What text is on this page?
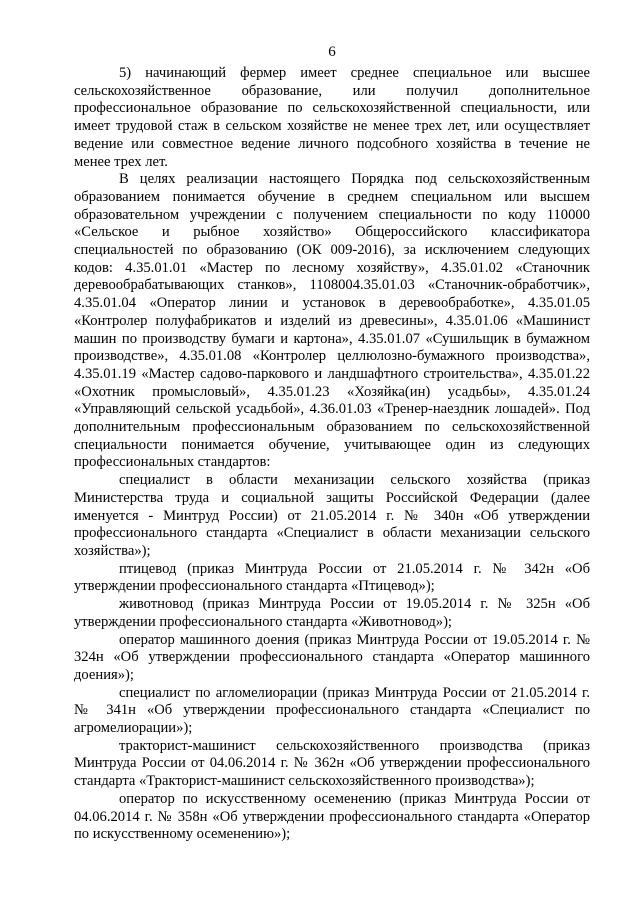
6

5) начинающий фермер имеет среднее специальное или высшее сельскохозяйственное образование, или получил дополнительное профессиональное образование по сельскохозяйственной специальности, или имеет трудовой стаж в сельском хозяйстве не менее трех лет, или осуществляет ведение или совместное ведение личного подсобного хозяйства в течение не менее трех лет.

В целях реализации настоящего Порядка под сельскохозяйственным образованием понимается обучение в среднем специальном или высшем образовательном учреждении с получением специальности по коду 110000 «Сельское и рыбное хозяйство» Общероссийского классификатора специальностей по образованию (ОК 009-2016), за исключением следующих кодов: 4.35.01.01 «Мастер по лесному хозяйству», 4.35.01.02 «Станочник деревообрабатывающих станков», 1108004.35.01.03 «Станочник-обработчик», 4.35.01.04 «Оператор линии и установок в деревообработке», 4.35.01.05 «Контролер полуфабрикатов и изделий из древесины», 4.35.01.06 «Машинист машин по производству бумаги и картона», 4.35.01.07 «Сушильщик в бумажном производстве», 4.35.01.08 «Контролер целлюлозно-бумажного производства», 4.35.01.19 «Мастер садово-паркового и ландшафтного строительства», 4.35.01.22 «Охотник промысловый», 4.35.01.23 «Хозяйка(ин) усадьбы», 4.35.01.24 «Управляющий сельской усадьбой», 4.36.01.03 «Тренер-наездник лошадей». Под дополнительным профессиональным образованием по сельскохозяйственной специальности понимается обучение, учитывающее один из следующих профессиональных стандартов:

специалист в области механизации сельского хозяйства (приказ Министерства труда и социальной защиты Российской Федерации (далее именуется - Минтруд России) от 21.05.2014 г. № 340н «Об утверждении профессионального стандарта «Специалист в области механизации сельского хозяйства»);

птицевод (приказ Минтруда России от 21.05.2014 г. № 342н «Об утверждении профессионального стандарта «Птицевод»);

животновод (приказ Минтруда России от 19.05.2014 г. № 325н «Об утверждении профессионального стандарта «Животновод»);

оператор машинного доения (приказ Минтруда России от 19.05.2014 г. № 324н «Об утверждении профессионального стандарта «Оператор машинного доения»);

специалист по агломелиорации (приказ Минтруда России от 21.05.2014 г. № 341н «Об утверждении профессионального стандарта «Специалист по агромелиорации»);

тракторист-машинист сельскохозяйственного производства (приказ Минтруда России от 04.06.2014 г. № 362н «Об утверждении профессионального стандарта «Тракторист-машинист сельскохозяйственного производства»);

оператор по искусственному осеменению (приказ Минтруда России от 04.06.2014 г. № 358н «Об утверждении профессионального стандарта «Оператор по искусственному осеменению»);
